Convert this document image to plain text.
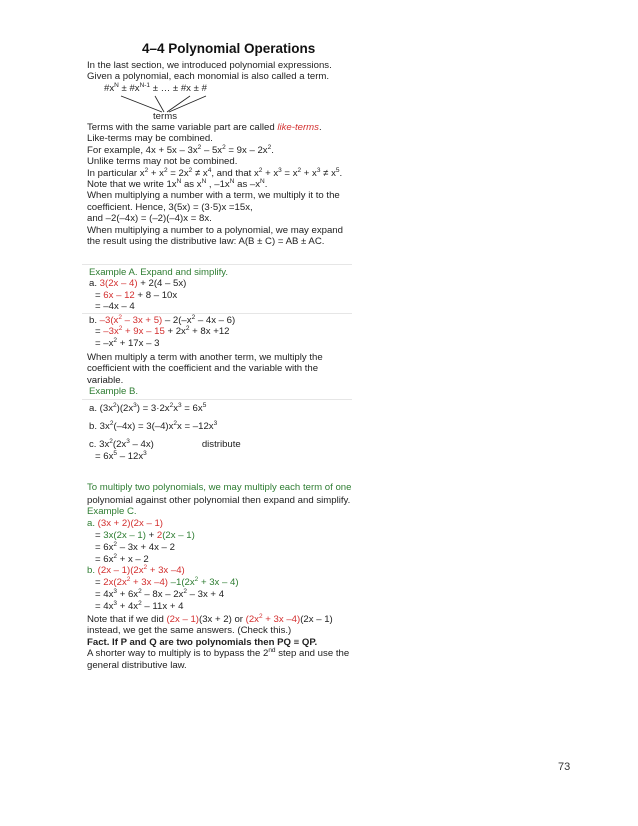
4–4 Polynomial Operations
In the last section, we introduced polynomial expressions.
Given a polynomial, each monomial is also called a term.
$\#x^N$ ± $\#x^{N-1}$ ± … ± #x ± #
terms
Terms with the same variable part are called like-terms.
Like-terms may be combined.
For example, $4x + 5x - 3x^2 - 5x^2 = 9x - 2x^2$.
Unlike terms may not be combined.
In particular $x^2 + x^2 = 2x^2 \ne x^4$, and that $x^2 + x^3 = x^2 + x^3 \ne x^5$.
Note that we write $1x^N$ as $x^N$ , $-1x^N$ as $-x^N$.
When multiplying a number with a term, we multiply it to the
coefficient. Hence, 3(5x) = (3·5)x =15x,
and –2(–4x) = (–2)(–4)x = 8x.
When multiplying a number to a polynomial, we may expand
the result using the distributive law: A(B ± C) = AB ± AC.
Example A. Expand and simplify.
a. 3(2x – 4) + 2(4 – 5x)
= 6x – 12 + 8 – 10x
= –4x – 4
b. $-3(x^2 - 3x + 5) - 2(-x^2 - 4x - 6)$
= $-3x^2 + 9x - 15 + 2x^2 + 8x +12$
= $-x^2 + 17x - 3$
When multiply a term with another term, we multiply the
coefficient with the coefficient and the variable with the
variable.
Example B.
a. $(3x^2)(2x^3) = 3\cdot 2x^2x^3 = 6x^5$
b. $3x^2(-4x) = 3(-4)x^2x = -12x^3$
c. $3x^2(2x^3 - 4x)$	distribute
= $6x^5 - 12x^3$
To multiply two polynomials, we may multiply each term of one
polynomial against other polynomial then expand and simplify.
Example C.
a. (3x + 2)(2x – 1)
= 3x(2x – 1) + 2(2x – 1)
= $6x^2 - 3x + 4x - 2$
= $6x^2 + x - 2$
b. $(2x - 1)(2x^2 + 3x$ –4)
= $2x(2x^2 + 3x$ –4) $-1(2x^2 + 3x - 4)$
= $4x^3 + 6x^2 - 8x - 2x^2 - 3x + 4$
= $4x^3 + 4x^2 - 11x + 4$
Note that if we did (2x – 1)(3x + 2) or ($2x^2 + 3x$ –4)(2x – 1)
instead, we get the same answers. (Check this.)
Fact. If P and Q are two polynomials then PQ ≡ QP.
A shorter way to multiply is to bypass the 2nd step and use the
general distributive law.
73
